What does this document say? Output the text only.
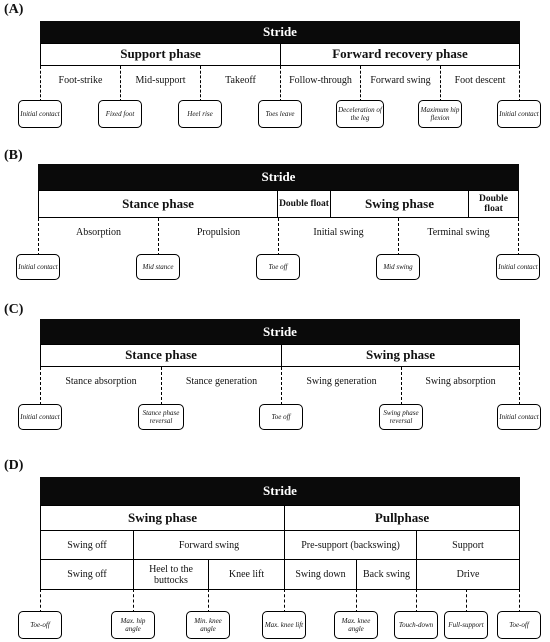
(A)
Stride
Support phase	Forward recovery phase
Foot-strike	Mid-support	Takeoff	Follow-through	Forward swing	Foot descent
Initial contact	Fixed foot	Heel rise	Toes leave
Deceleration of the leg
Maximum hip flexion
Initial contact
(B)
Stride
Stance phase	Double float	Swing phase	Double float
Absorption	Propulsion	Initial swing	Terminal swing
Initial contact	Mid stance	Toe off	Mid swing	Initial contact
(C)
Stride
Stance phase	Swing phase
Stance absorption	Stance generation	Swing generation	Swing absorption
Initial contact
Stance phase reversal
Toe off
Swing phase reversal
Initial contact
(D)
Stride
Swing phase	Pullphase
Swing off	Forward swing	Pre-support (backswing)	Support
Swing off	Heel to the buttocks	Knee lift	Swing down	Back swing	Drive
Toe-off
Max. hip angle
Min. knee angle
Max. knee lift
Max. knee angle
Touch-down	Full-support	Toe-off
